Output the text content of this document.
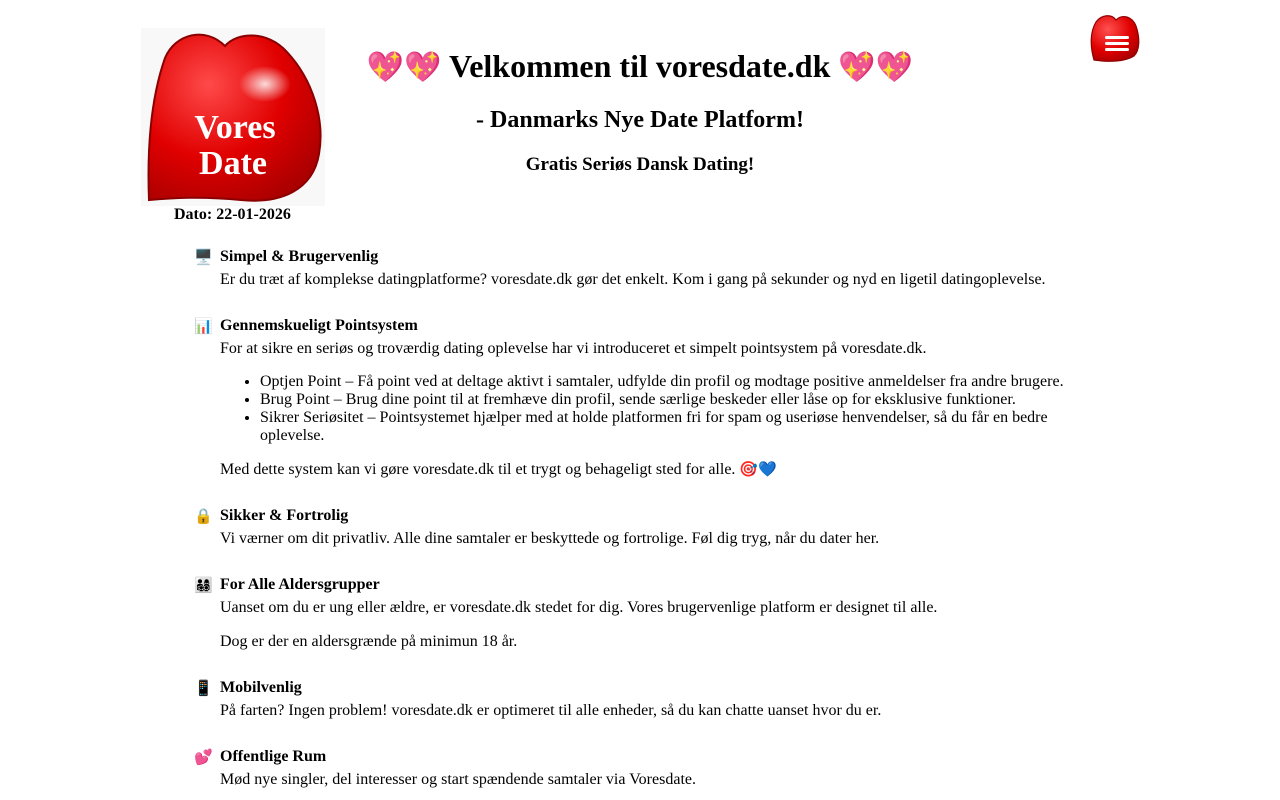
Vores
Date
💖💖 Velkommen til voresdate.dk 💖💖
- Danmarks Nye Date Platform!
Gratis Seriøs Dansk Dating!
Dato: 22-01-2026
🖥️ Simpel & Brugervenlig

Er du træt af komplekse datingplatforme? voresdate.dk gør det enkelt. Kom i gang på sekunder og nyd en ligetil datingoplevelse.

📊 Gennemskueligt Pointsystem

For at sikre en seriøs og troværdig dating oplevelse har vi introduceret et simpelt pointsystem på voresdate.dk.

• Optjen Point – Få point ved at deltage aktivt i samtaler, udfylde din profil og modtage positive anmeldelser fra andre brugere.
• Brug Point – Brug dine point til at fremhæve din profil, sende særlige beskeder eller låse op for eksklusive funktioner.
• Sikrer Seriøsitet – Pointsystemet hjælper med at holde platformen fri for spam og useriøse henvendelser, så du får en bedre oplevelse.

Med dette system kan vi gøre voresdate.dk til et trygt og behageligt sted for alle. 🎯💙

🔒 Sikker & Fortrolig

Vi værner om dit privatliv. Alle dine samtaler er beskyttede og fortrolige. Føl dig tryg, når du dater her.

👨‍👩‍👧‍👦 For Alle Aldersgrupper

Uanset om du er ung eller ældre, er voresdate.dk stedet for dig. Vores brugervenlige platform er designet til alle.

Dog er der en aldersgrænde på minimun 18 år.

📱 Mobilvenlig

På farten? Ingen problem! voresdate.dk er optimeret til alle enheder, så du kan chatte uanset hvor du er.

💕 Offentlige Rum

Mød nye singler, del interesser og start spændende samtaler via Voresdate.
